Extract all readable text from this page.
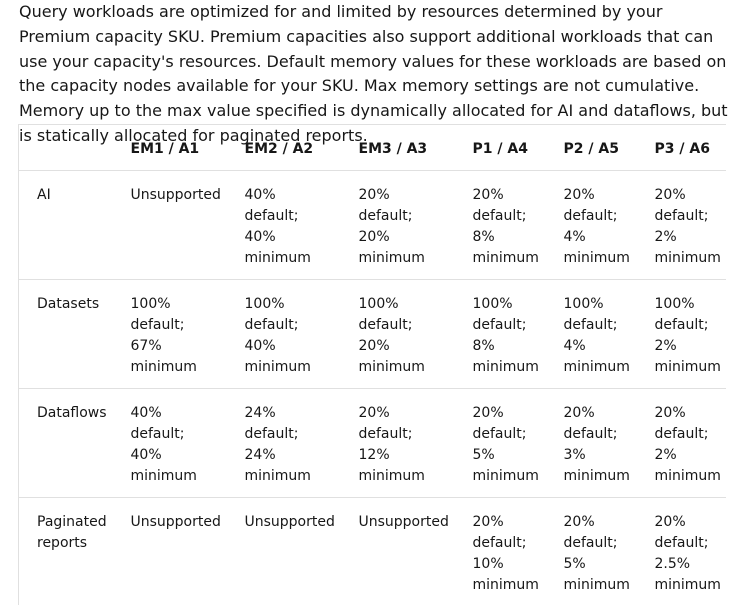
Query workloads are optimized for and limited by resources determined by your Premium capacity SKU. Premium capacities also support additional workloads that can use your capacity's resources. Default memory values for these workloads are based on the capacity nodes available for your SKU. Max memory settings are not cumulative. Memory up to the max value specified is dynamically allocated for AI and dataflows, but is statically allocated for paginated reports.

	EM1 / A1	EM2 / A2	EM3 / A3	P1 / A4	P2 / A5	P3 / A6
AI	Unsupported	40% default; 40% minimum	20% default; 20% minimum	20% default; 8% minimum	20% default; 4% minimum	20% default; 2% minimum
Datasets	100% default; 67% minimum	100% default; 40% minimum	100% default; 20% minimum	100% default; 8% minimum	100% default; 4% minimum	100% default; 2% minimum
Dataflows	40% default; 40% minimum	24% default; 24% minimum	20% default; 12% minimum	20% default; 5% minimum	20% default; 3% minimum	20% default; 2% minimum
Paginated reports	Unsupported	Unsupported	Unsupported	20% default; 10% minimum	20% default; 5% minimum	20% default; 2.5% minimum
